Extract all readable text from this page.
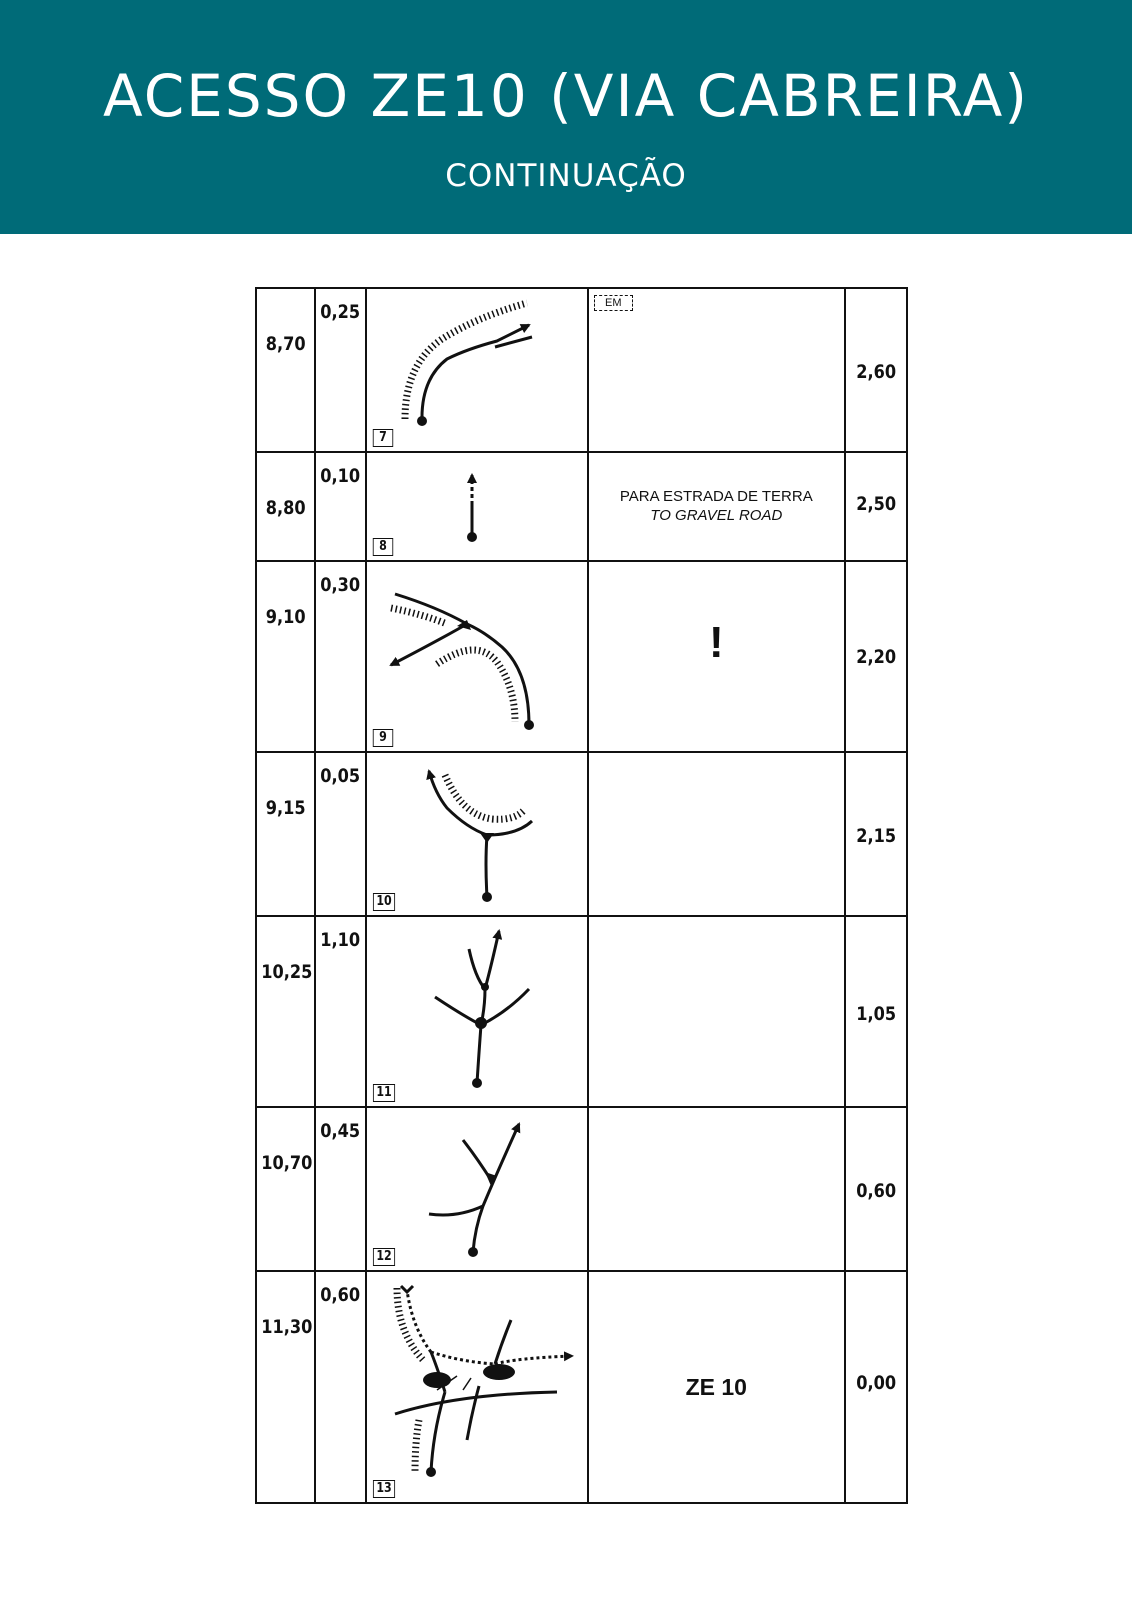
ACESSO ZE10 (VIA CABREIRA)
CONTINUAÇÃO
8,70	0,25	7	EM	2,60

8,80	0,10	8	PARA ESTRADA DE TERRA
TO GRAVEL ROAD	2,50

9,10	0,30	9	!	2,20

9,15	0,05	10		2,15

10,25	1,10	11		1,05

10,70	0,45	12		0,60

11,30	0,60	13	ZE 10	0,00
